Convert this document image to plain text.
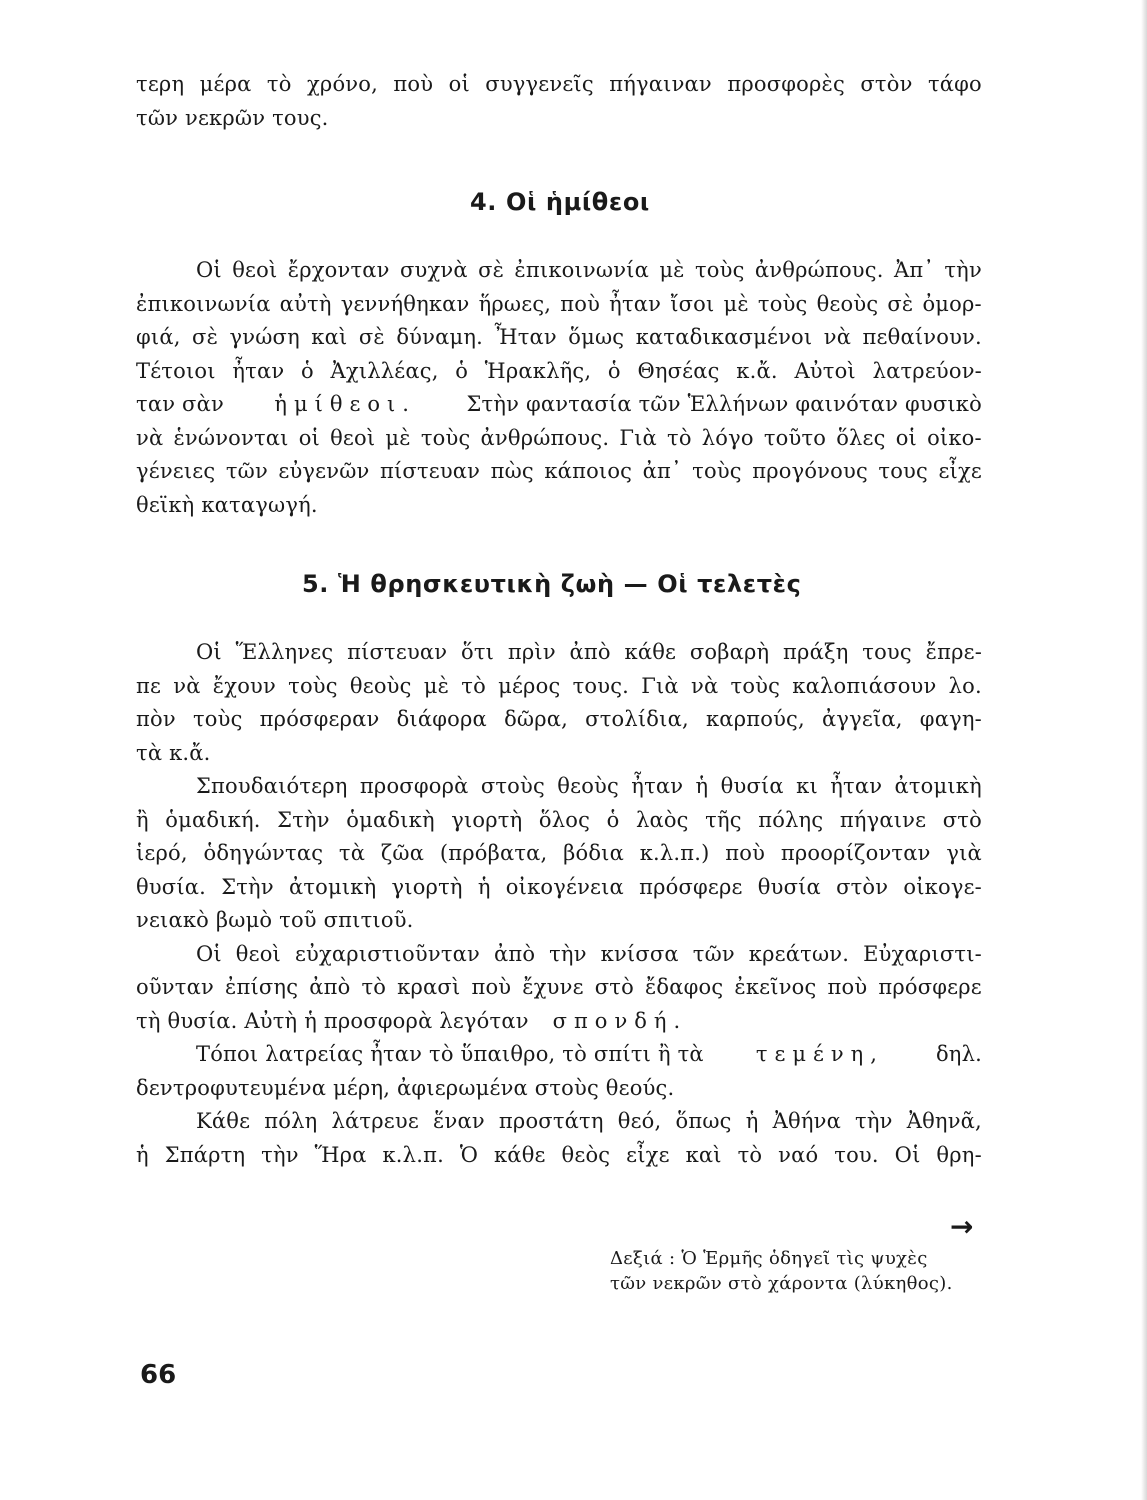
τερη μέρα τὸ χρόνο, ποὺ οἱ συγγενεῖς πήγαιναν προσφορὲς στὸν τάφο
τῶν νεκρῶν τους.
4. Οἱ ἡμίθεοι
Οἱ θεοὶ ἔρχονταν συχνὰ σὲ ἐπικοινωνία μὲ τοὺς ἀνθρώπους. Ἀπ᾿ τὴν
ἐπικοινωνία αὐτὴ γεννήθηκαν ἥρωες, ποὺ ἦταν ἴσοι μὲ τοὺς θεοὺς σὲ ὀμορ-
φιά, σὲ γνώση καὶ σὲ δύναμη. Ἦταν ὅμως καταδικασμένοι νὰ πεθαίνουν.
Τέτοιοι ἦταν ὁ Ἀχιλλέας, ὁ Ἡρακλῆς, ὁ Θησέας κ.ἄ. Αὐτοὶ λατρεύον-
ταν σὰν ἡμίθεοι. Στὴν φαντασία τῶν Ἑλλήνων φαινόταν φυσικὸ
νὰ ἑνώνονται οἱ θεοὶ μὲ τοὺς ἀνθρώπους. Γιὰ τὸ λόγο τοῦτο ὅλες οἱ οἰκο-
γένειες τῶν εὐγενῶν πίστευαν πὼς κάποιος ἀπ᾿ τοὺς προγόνους τους εἶχε
θεϊκὴ καταγωγή.
5. Ἡ θρησκευτικὴ ζωὴ — Οἱ τελετὲς
Οἱ Ἕλληνες πίστευαν ὅτι πρὶν ἀπὸ κάθε σοβαρὴ πράξη τους ἔπρε-
πε νὰ ἔχουν τοὺς θεοὺς μὲ τὸ μέρος τους. Γιὰ νὰ τοὺς καλοπιάσουν λο.
πὸν τοὺς πρόσφεραν διάφορα δῶρα, στολίδια, καρπούς, ἀγγεῖα, φαγη-
τὰ κ.ἄ.
Σπουδαιότερη προσφορὰ στοὺς θεοὺς ἦταν ἡ θυσία κι ἦταν ἀτομικὴ
ἢ ὁμαδική. Στὴν ὁμαδικὴ γιορτὴ ὅλος ὁ λαὸς τῆς πόλης πήγαινε στὸ
ἱερό, ὁδηγώντας τὰ ζῶα (πρόβατα, βόδια κ.λ.π.) ποὺ προορίζονταν γιὰ
θυσία. Στὴν ἀτομικὴ γιορτὴ ἡ οἰκογένεια πρόσφερε θυσία στὸν οἰκογε-
νειακὸ βωμὸ τοῦ σπιτιοῦ.
Οἱ θεοὶ εὐχαριστιοῦνταν ἀπὸ τὴν κνίσσα τῶν κρεάτων. Εὐχαριστι-
οῦνταν ἐπίσης ἀπὸ τὸ κρασὶ ποὺ ἔχυνε στὸ ἔδαφος ἐκεῖνος ποὺ πρόσφερε
τὴ θυσία. Αὐτὴ ἡ προσφορὰ λεγόταν σπονδή.
Τόποι λατρείας ἦταν τὸ ὕπαιθρο, τὸ σπίτι ἢ τὰ τεμένη, δηλ.
δεντροφυτευμένα μέρη, ἀφιερωμένα στοὺς θεούς.
Κάθε πόλη λάτρευε ἕναν προστάτη θεό, ὅπως ἡ Ἀθήνα τὴν Ἀθηνᾶ,
ἡ Σπάρτη τὴν Ἥρα κ.λ.π. Ὁ κάθε θεὸς εἶχε καὶ τὸ ναό του. Οἱ θρη-
→
Δεξιά : Ὁ Ἑρμῆς ὁδηγεῖ τὶς ψυχὲς
τῶν νεκρῶν στὸ χάροντα (λύκηθος).
66
